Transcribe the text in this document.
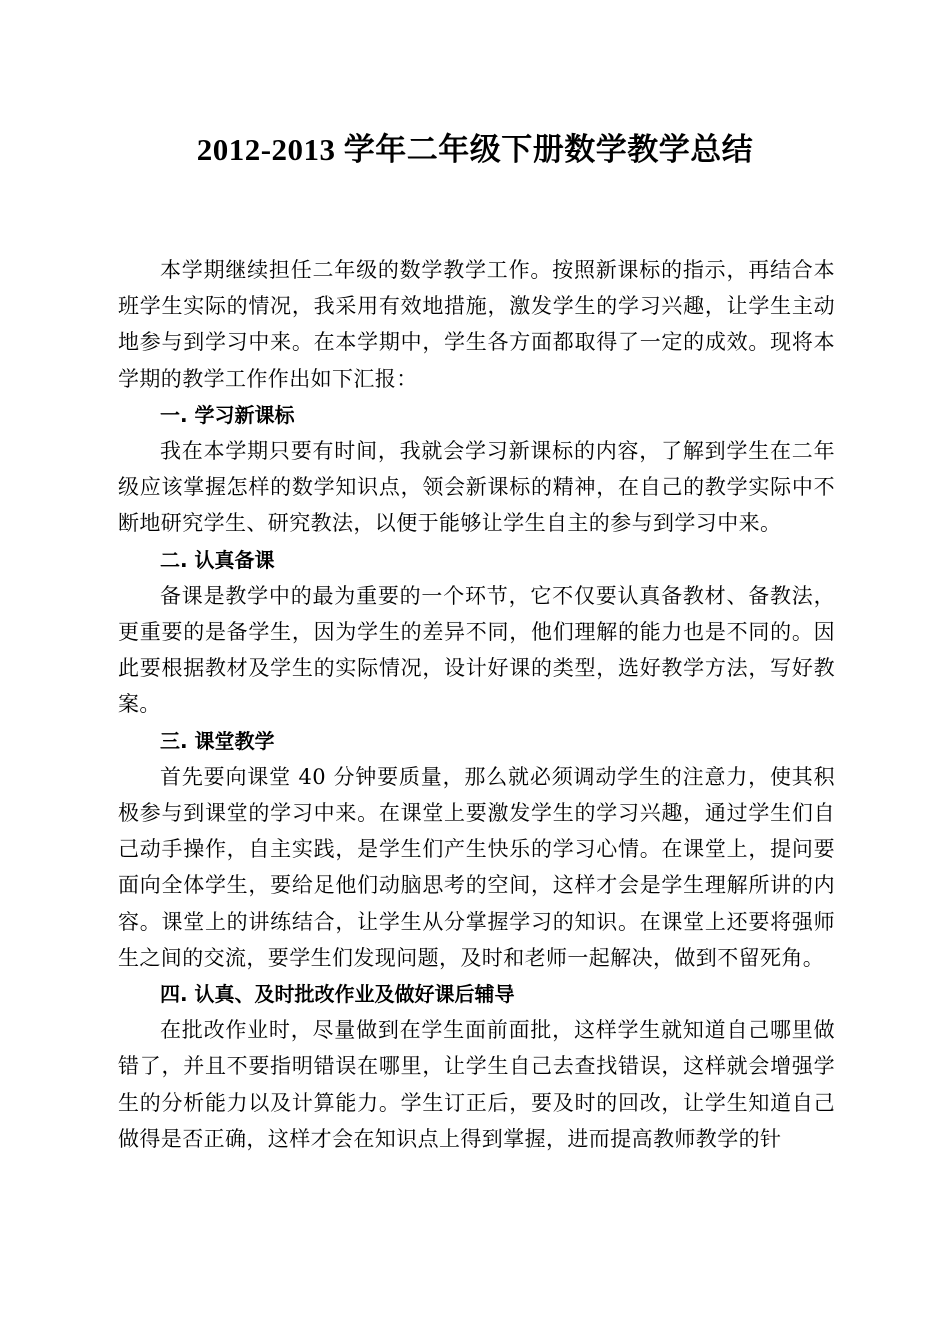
2012-2013 学年二年级下册数学教学总结

本学期继续担任二年级的数学教学工作。按照新课标的指示，再结合本班学生实际的情况，我采用有效地措施，激发学生的学习兴趣，让学生主动地参与到学习中来。在本学期中，学生各方面都取得了一定的成效。现将本学期的教学工作作出如下汇报：

一. 学习新课标

我在本学期只要有时间，我就会学习新课标的内容，了解到学生在二年级应该掌握怎样的数学知识点，领会新课标的精神，在自己的教学实际中不断地研究学生、研究教法，以便于能够让学生自主的参与到学习中来。

二. 认真备课

备课是教学中的最为重要的一个环节，它不仅要认真备教材、备教法，更重要的是备学生，因为学生的差异不同，他们理解的能力也是不同的。因此要根据教材及学生的实际情况，设计好课的类型，选好教学方法，写好教案。

三. 课堂教学

首先要向课堂 40 分钟要质量，那么就必须调动学生的注意力，使其积极参与到课堂的学习中来。在课堂上要激发学生的学习兴趣，通过学生们自己动手操作，自主实践，是学生们产生快乐的学习心情。在课堂上，提问要面向全体学生，要给足他们动脑思考的空间，这样才会是学生理解所讲的内容。课堂上的讲练结合，让学生从分掌握学习的知识。在课堂上还要将强师生之间的交流，要学生们发现问题，及时和老师一起解决，做到不留死角。

四. 认真、及时批改作业及做好课后辅导

在批改作业时，尽量做到在学生面前面批，这样学生就知道自己哪里做错了，并且不要指明错误在哪里，让学生自己去查找错误，这样就会增强学生的分析能力以及计算能力。学生订正后，要及时的回改，让学生知道自己做得是否正确，这样才会在知识点上得到掌握，进而提高教师教学的针
